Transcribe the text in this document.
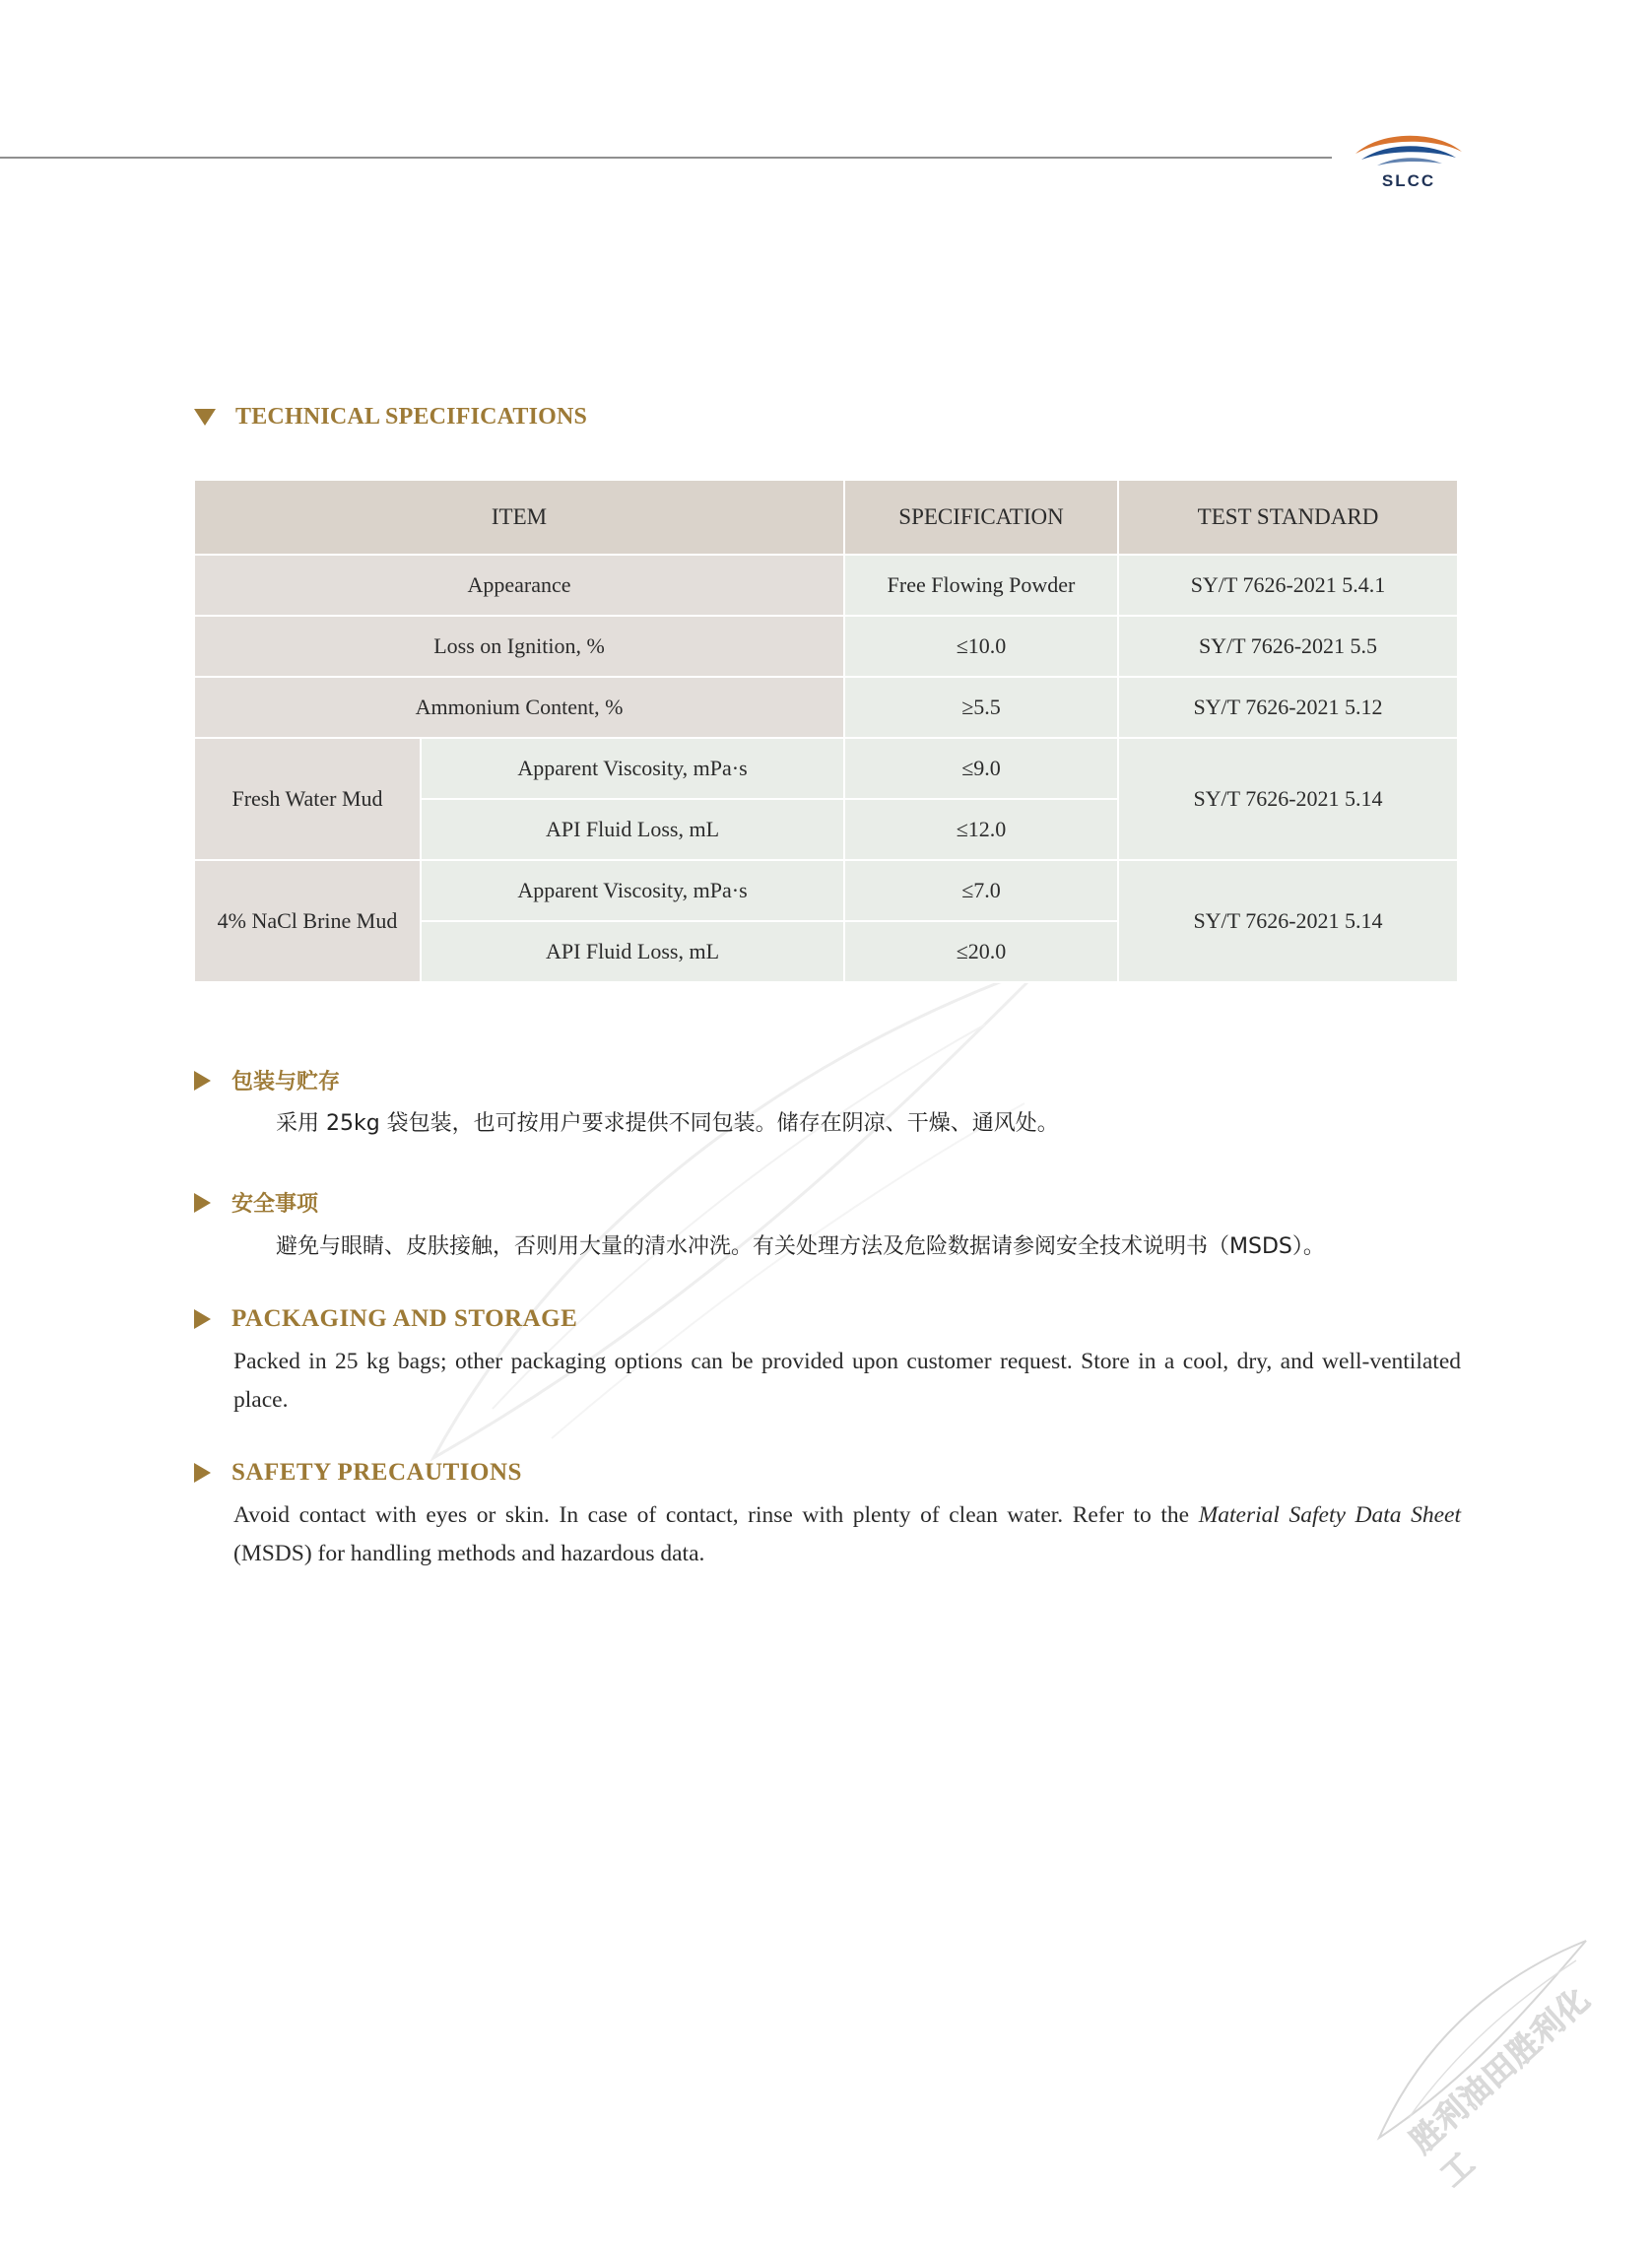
SLCC
胜利油田胜利化工
TECHNICAL SPECIFICATIONS
ITEM		SPECIFICATION	TEST STANDARD
Appearance		Free Flowing Powder	SY/T 7626-2021 5.4.1
Loss on Ignition, %		≤10.0	SY/T 7626-2021 5.5
Ammonium Content, %		≥5.5	SY/T 7626-2021 5.12
Fresh Water Mud	Apparent Viscosity, mPa·s	≤9.0	SY/T 7626-2021 5.14
	API Fluid Loss, mL	≤12.0	
4% NaCl Brine Mud	Apparent Viscosity, mPa·s	≤7.0	SY/T 7626-2021 5.14
	API Fluid Loss, mL	≤20.0	
包装与贮存
采用 25kg 袋包装，也可按用户要求提供不同包装。储存在阴凉、干燥、通风处。
安全事项
避免与眼睛、皮肤接触，否则用大量的清水冲洗。有关处理方法及危险数据请参阅安全技术说明书（MSDS）。
PACKAGING AND STORAGE
Packed in 25 kg bags; other packaging options can be provided upon customer request. Store in a cool, dry, and well-ventilated place.
SAFETY PRECAUTIONS
Avoid contact with eyes or skin. In case of contact, rinse with plenty of clean water. Refer to the Material Safety Data Sheet (MSDS) for handling methods and hazardous data.
